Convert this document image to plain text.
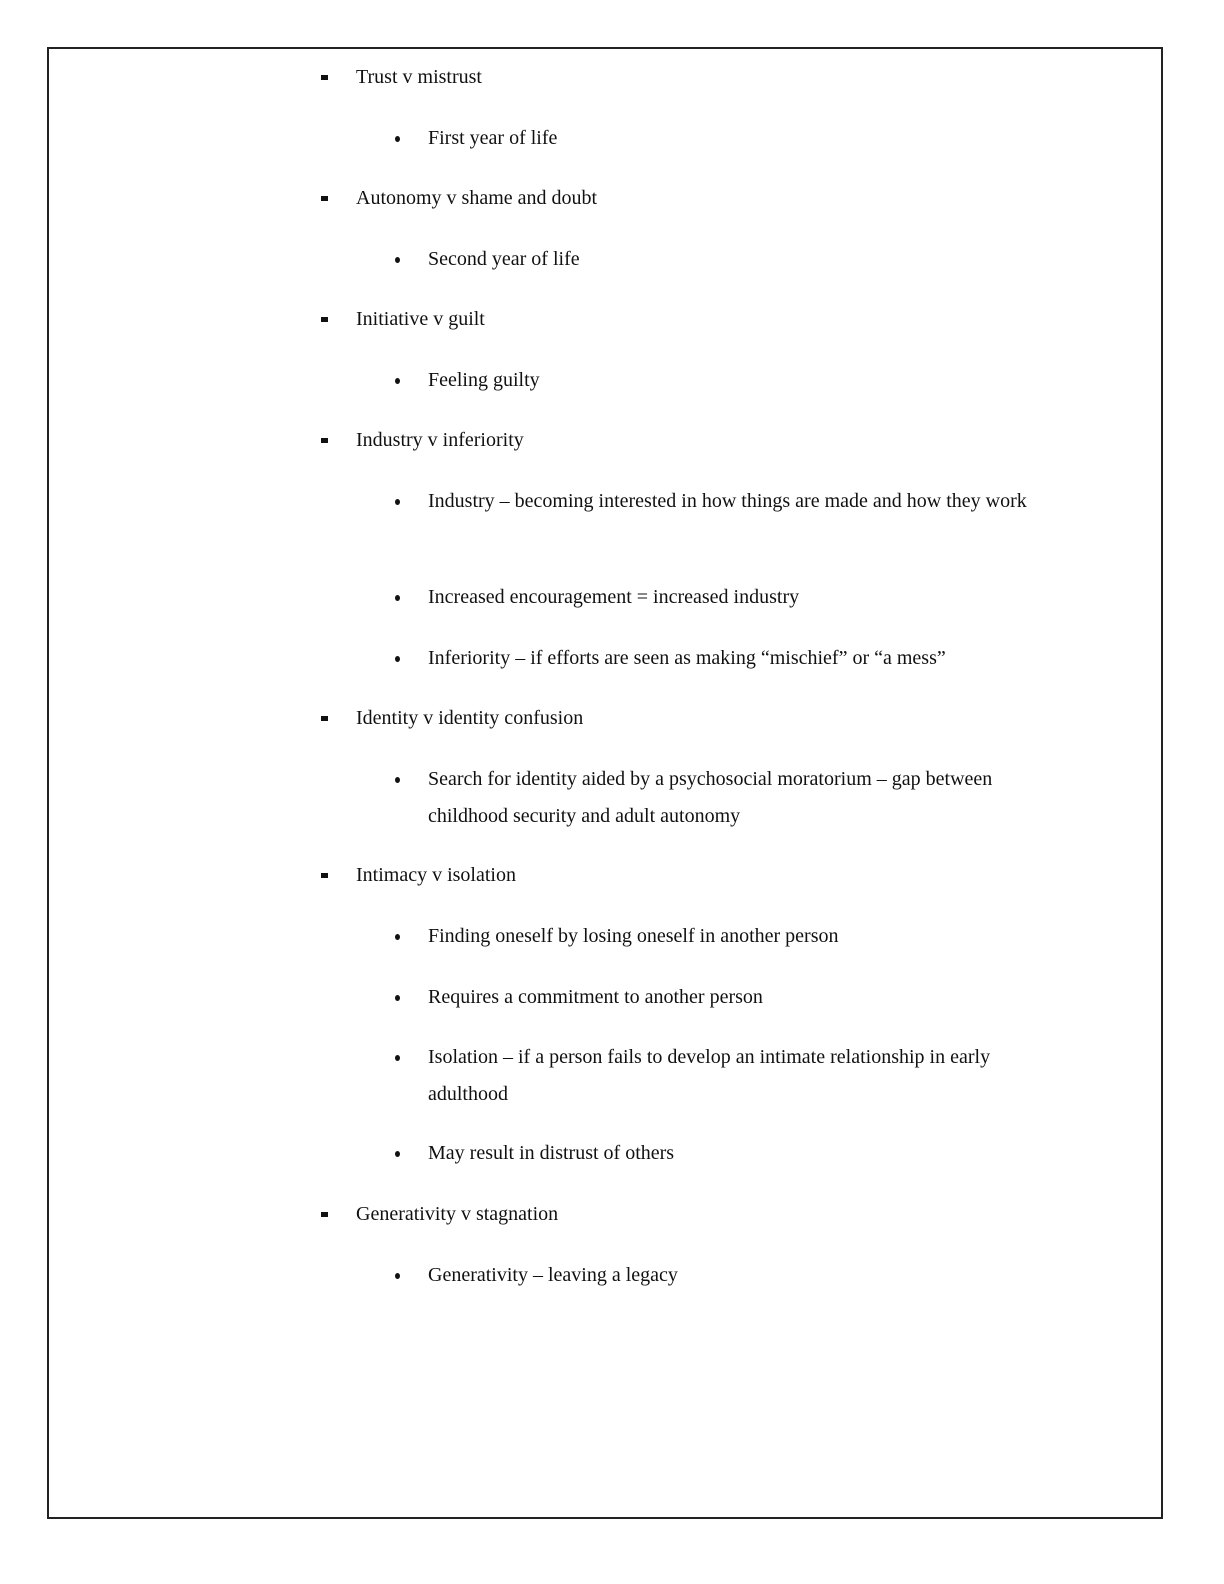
Trust v mistrust
First year of life
Autonomy v shame and doubt
Second year of life
Initiative v guilt
Feeling guilty
Industry v inferiority
Industry – becoming interested in how things are made and how they work
Increased encouragement = increased industry
Inferiority – if efforts are seen as making “mischief” or “a mess”
Identity v identity confusion
Search for identity aided by a psychosocial moratorium – gap between childhood security and adult autonomy
Intimacy v isolation
Finding oneself by losing oneself in another person
Requires a commitment to another person
Isolation – if a person fails to develop an intimate relationship in early adulthood
May result in distrust of others
Generativity v stagnation
Generativity – leaving a legacy
